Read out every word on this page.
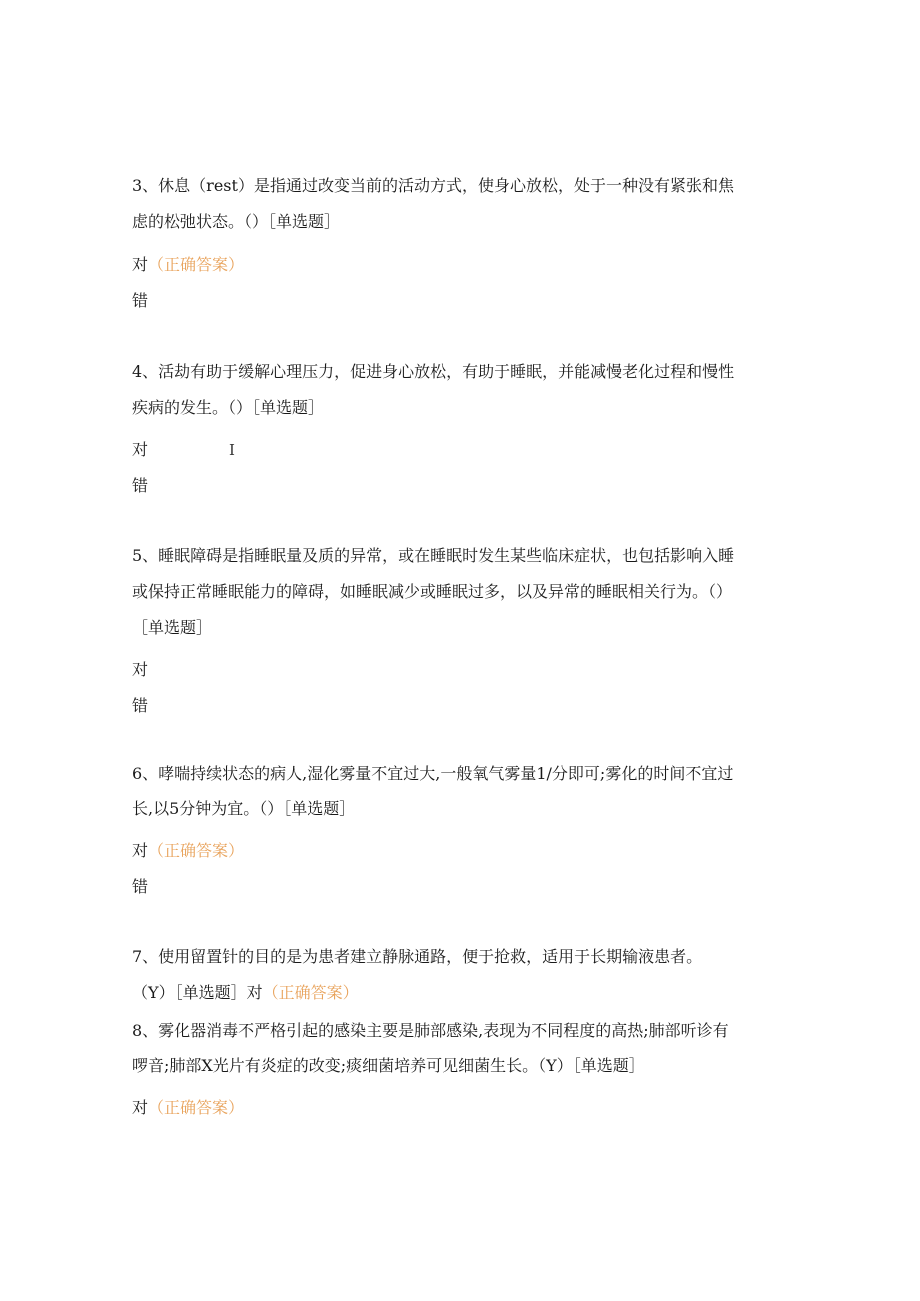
3、休息（rest）是指通过改变当前的活动方式，使身心放松，处于一种没有紧张和焦
虑的松弛状态。（）［单选题］
对（正确答案）
错
4、活劫有助于缓解心理压力，促进身心放松，有助于睡眠，并能减慢老化过程和慢性
疾病的发生。（）［单选题］
对	I
错
5、睡眠障碍是指睡眠量及质的异常，或在睡眠时发生某些临床症状，也包括影响入睡
或保持正常睡眠能力的障碍，如睡眠减少或睡眠过多，以及异常的睡眠相关行为。（）
［单选题］
对
错
6、哮喘持续状态的病人,湿化雾量不宜过大,一般氧气雾量1/分即可;雾化的时间不宜过
长,以5分钟为宜。（）［单选题］
对（正确答案）
错
7、使用留置针的目的是为患者建立静脉通路，便于抢救，适用于长期输液患者。
（Y）［单选题］对（正确答案）
8、雾化器消毒不严格引起的感染主要是肺部感染,表现为不同程度的高热;肺部听诊有
啰音;肺部X光片有炎症的改变;痰细菌培养可见细菌生长。（Y）［单选题］
对（正确答案）
